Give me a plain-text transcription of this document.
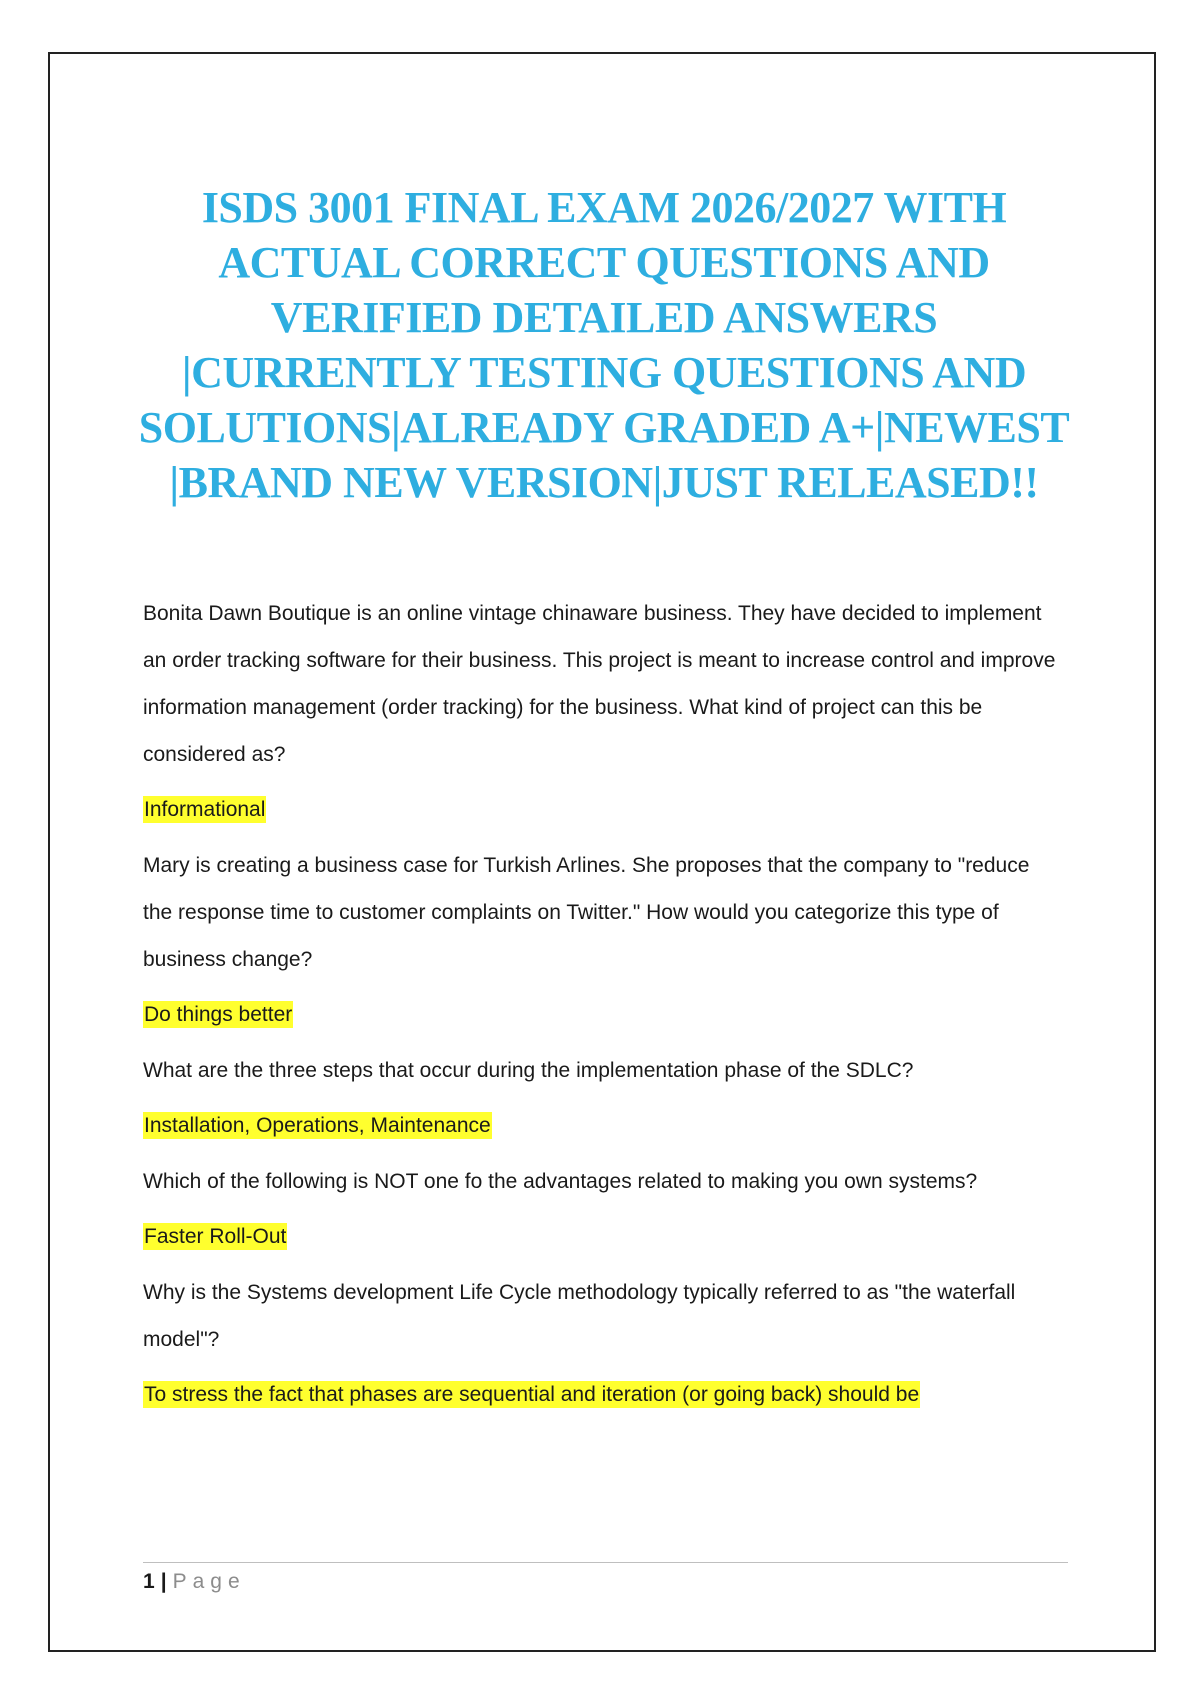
ISDS 3001 FINAL EXAM 2026/2027 WITH ACTUAL CORRECT QUESTIONS AND VERIFIED DETAILED ANSWERS |CURRENTLY TESTING QUESTIONS AND SOLUTIONS|ALREADY GRADED A+|NEWEST |BRAND NEW VERSION|JUST RELEASED!!

Bonita Dawn Boutique is an online vintage chinaware business. They have decided to implement an order tracking software for their business. This project is meant to increase control and improve information management (order tracking) for the business. What kind of project can this be considered as?

Informational

Mary is creating a business case for Turkish Arlines. She proposes that the company to "reduce the response time to customer complaints on Twitter." How would you categorize this type of business change?

Do things better

What are the three steps that occur during the implementation phase of the SDLC?

Installation, Operations, Maintenance

Which of the following is NOT one fo the advantages related to making you own systems?

Faster Roll-Out

Why is the Systems development Life Cycle methodology typically referred to as "the waterfall model"?

To stress the fact that phases are sequential and iteration (or going back) should be

1 | Page
